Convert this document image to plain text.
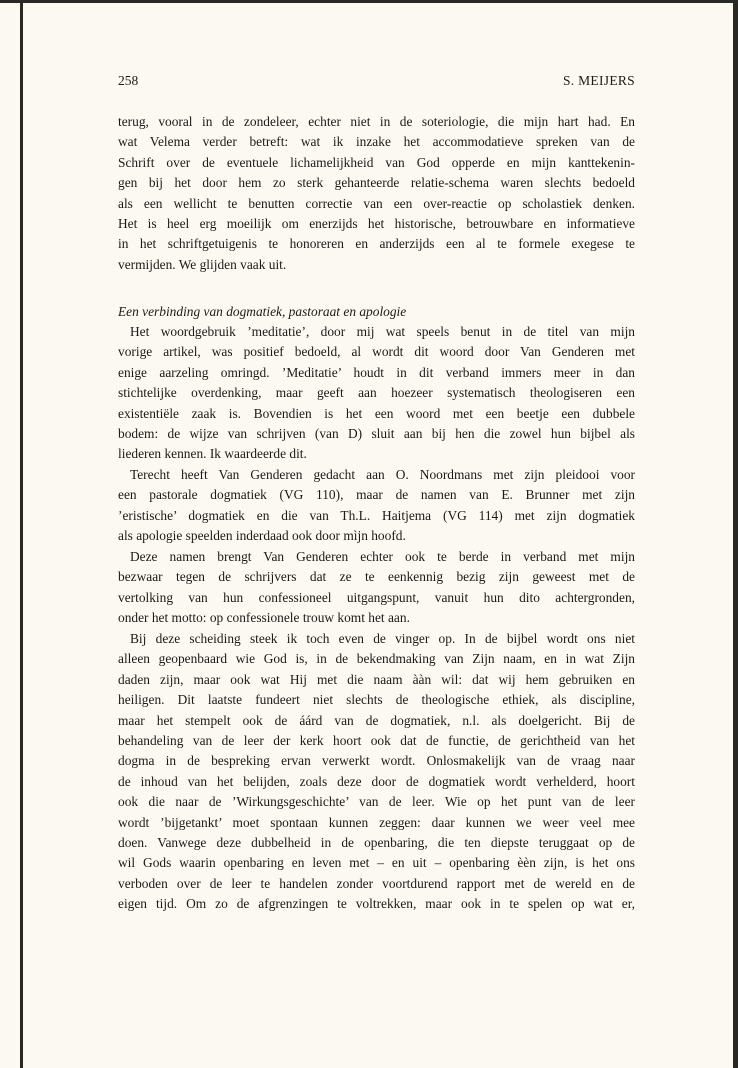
258	S. MEIJERS
terug, vooral in de zondeleer, echter niet in de soteriologie, die mijn hart had. En
wat Velema verder betreft: wat ik inzake het accommodatieve spreken van de
Schrift over de eventuele lichamelijkheid van God opperde en mijn kanttekenin-
gen bij het door hem zo sterk gehanteerde relatie-schema waren slechts bedoeld
als een wellicht te benutten correctie van een over-reactie op scholastiek denken.
Het is heel erg moeilijk om enerzijds het historische, betrouwbare en informatieve
in het schriftgetuigenis te honoreren en anderzijds een al te formele exegese te
vermijden. We glijden vaak uit.
Een verbinding van dogmatiek, pastoraat en apologie
Het woordgebruik ’meditatie’, door mij wat speels benut in de titel van mijn
vorige artikel, was positief bedoeld, al wordt dit woord door Van Genderen met
enige aarzeling omringd. ’Meditatie’ houdt in dit verband immers meer in dan
stichtelijke overdenking, maar geeft aan hoezeer systematisch theologiseren een
existentiële zaak is. Bovendien is het een woord met een beetje een dubbele
bodem: de wijze van schrijven (van D) sluit aan bij hen die zowel hun bijbel als
liederen kennen. Ik waardeerde dit.
Terecht heeft Van Genderen gedacht aan O. Noordmans met zijn pleidooi voor
een pastorale dogmatiek (VG 110), maar de namen van E. Brunner met zijn
’eristische’ dogmatiek en die van Th.L. Haitjema (VG 114) met zijn dogmatiek
als apologie speelden inderdaad ook door mìjn hoofd.
Deze namen brengt Van Genderen echter ook te berde in verband met mijn
bezwaar tegen de schrijvers dat ze te eenkennig bezig zijn geweest met de
vertolking van hun confessioneel uitgangspunt, vanuit hun dito achtergronden,
onder het motto: op confessionele trouw komt het aan.
Bij deze scheiding steek ik toch even de vinger op. In de bijbel wordt ons niet
alleen geopenbaard wie God is, in de bekendmaking van Zijn naam, en in wat Zijn
daden zijn, maar ook wat Hij met die naam ààn wil: dat wij hem gebruiken en
heiligen. Dit laatste fundeert niet slechts de theologische ethiek, als discipline,
maar het stempelt ook de áárd van de dogmatiek, n.l. als doelgericht. Bij de
behandeling van de leer der kerk hoort ook dat de functie, de gerichtheid van het
dogma in de bespreking ervan verwerkt wordt. Onlosmakelijk van de vraag naar
de inhoud van het belijden, zoals deze door de dogmatiek wordt verhelderd, hoort
ook die naar de ’Wirkungsgeschichte’ van de leer. Wie op het punt van de leer
wordt ’bijgetankt’ moet spontaan kunnen zeggen: daar kunnen we weer veel mee
doen. Vanwege deze dubbelheid in de openbaring, die ten diepste teruggaat op de
wil Gods waarin openbaring en leven met – en uit – openbaring èèn zijn, is het ons
verboden over de leer te handelen zonder voortdurend rapport met de wereld en de
eigen tijd. Om zo de afgrenzingen te voltrekken, maar ook in te spelen op wat er,
